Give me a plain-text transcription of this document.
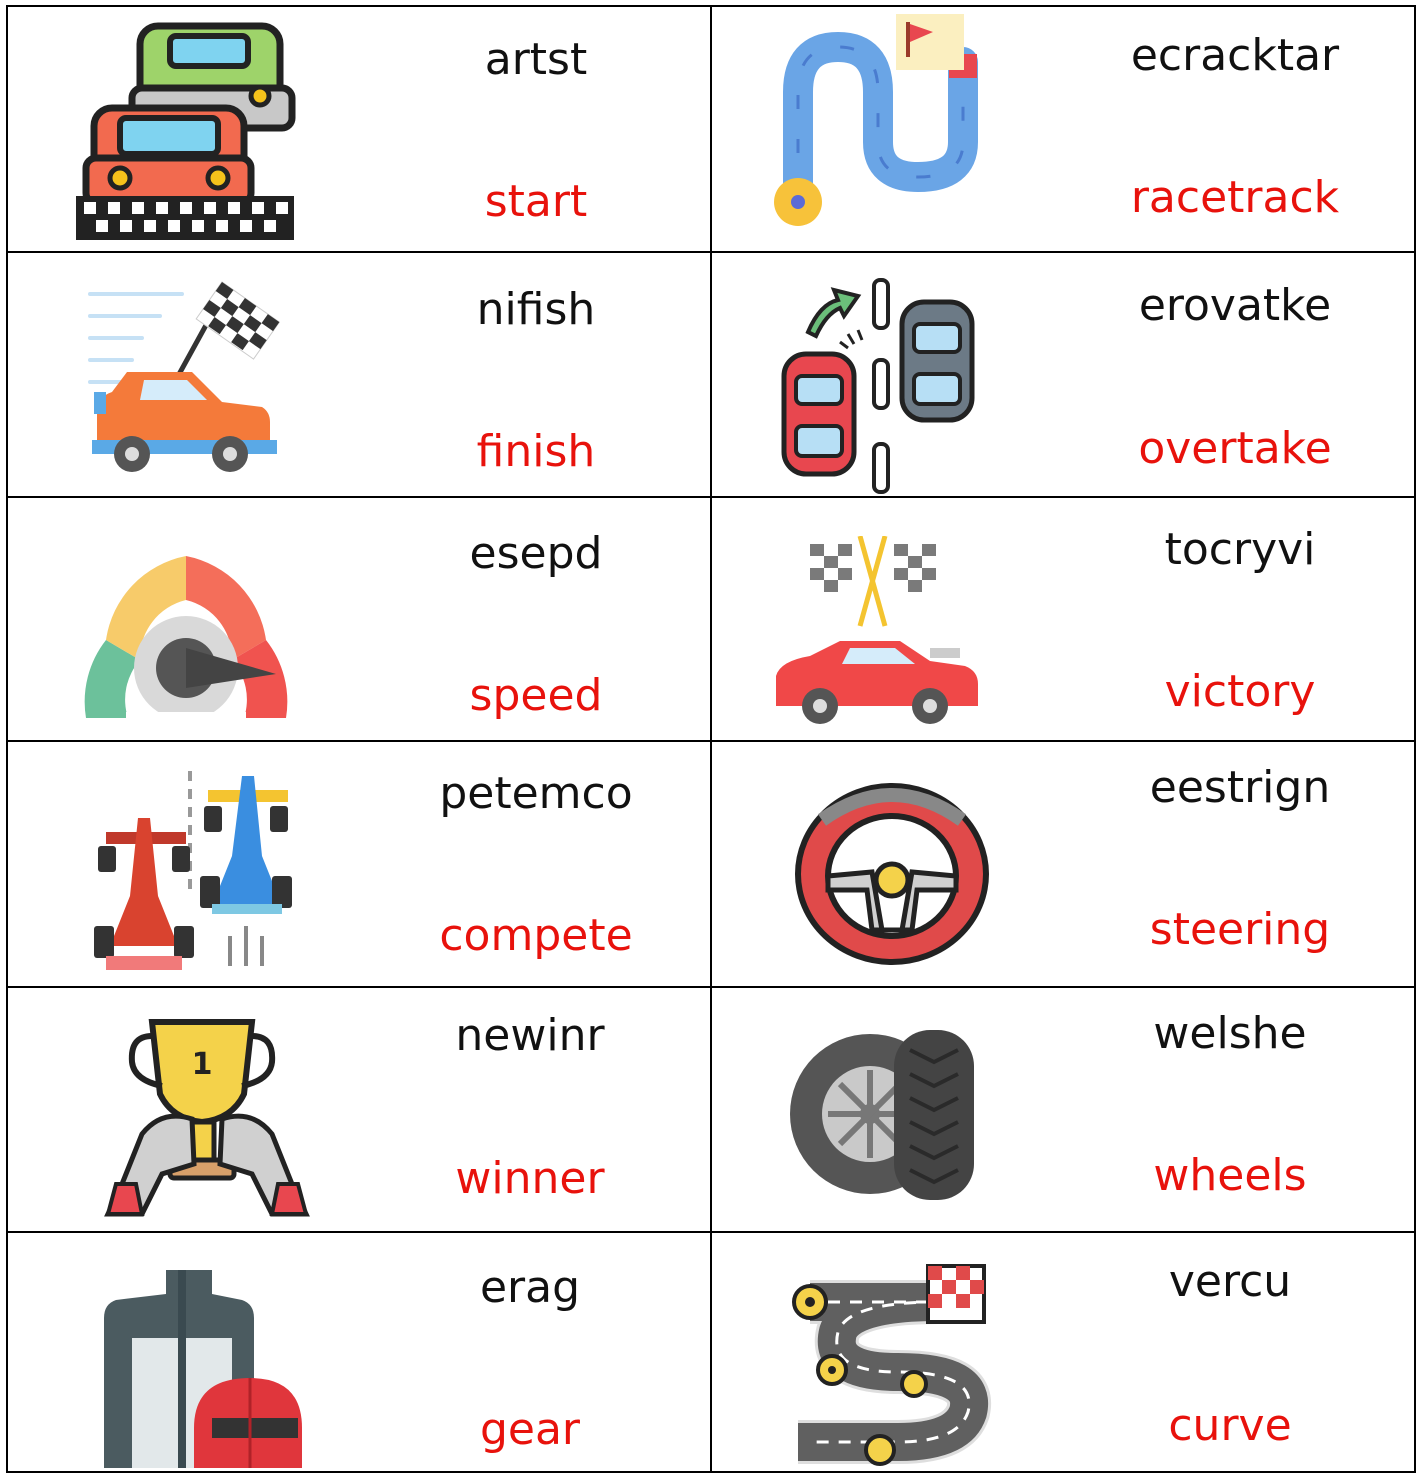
artst
start
ecracktar
racetrack
nifish
finish
erovatke
overtake
esepd
speed
tocryvi
victory
petemco
compete
eestrign
steering
1
newinr
winner
welshe
wheels
erag
gear
vercu
curve
